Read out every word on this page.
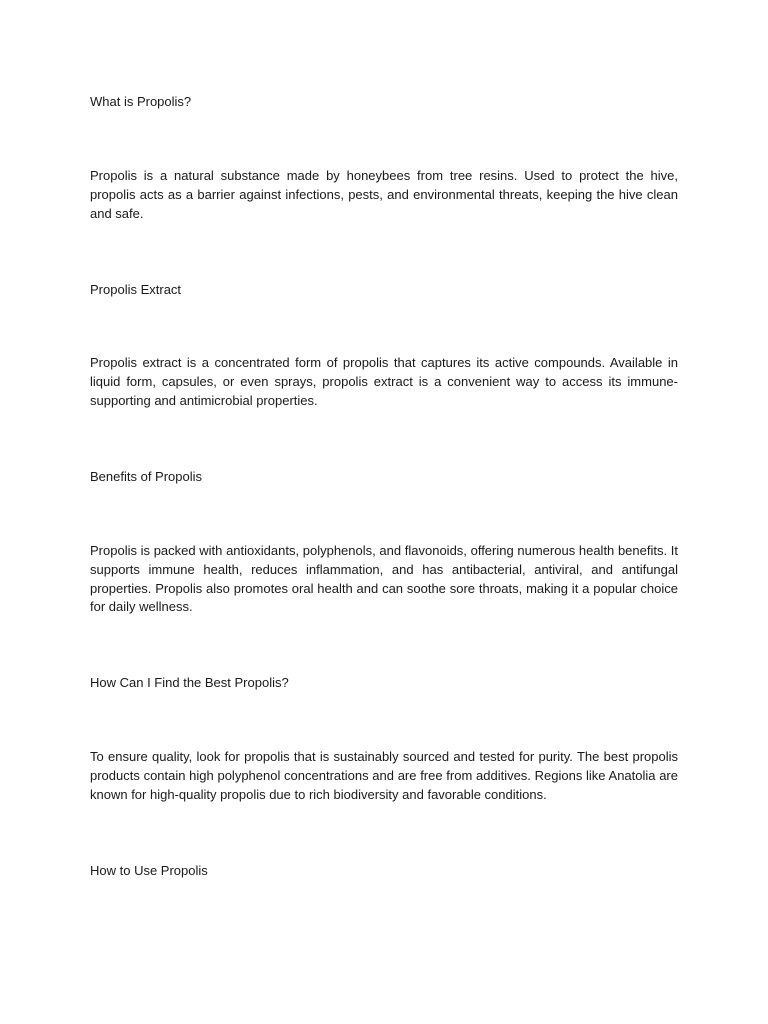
What is Propolis?

Propolis is a natural substance made by honeybees from tree resins. Used to protect the hive, propolis acts as a barrier against infections, pests, and environmental threats, keeping the hive clean and safe.

Propolis Extract

Propolis extract is a concentrated form of propolis that captures its active compounds. Available in liquid form, capsules, or even sprays, propolis extract is a convenient way to access its immune-supporting and antimicrobial properties.

Benefits of Propolis

Propolis is packed with antioxidants, polyphenols, and flavonoids, offering numerous health benefits. It supports immune health, reduces inflammation, and has antibacterial, antiviral, and antifungal properties. Propolis also promotes oral health and can soothe sore throats, making it a popular choice for daily wellness.

How Can I Find the Best Propolis?

To ensure quality, look for propolis that is sustainably sourced and tested for purity. The best propolis products contain high polyphenol concentrations and are free from additives. Regions like Anatolia are known for high-quality propolis due to rich biodiversity and favorable conditions.

How to Use Propolis
